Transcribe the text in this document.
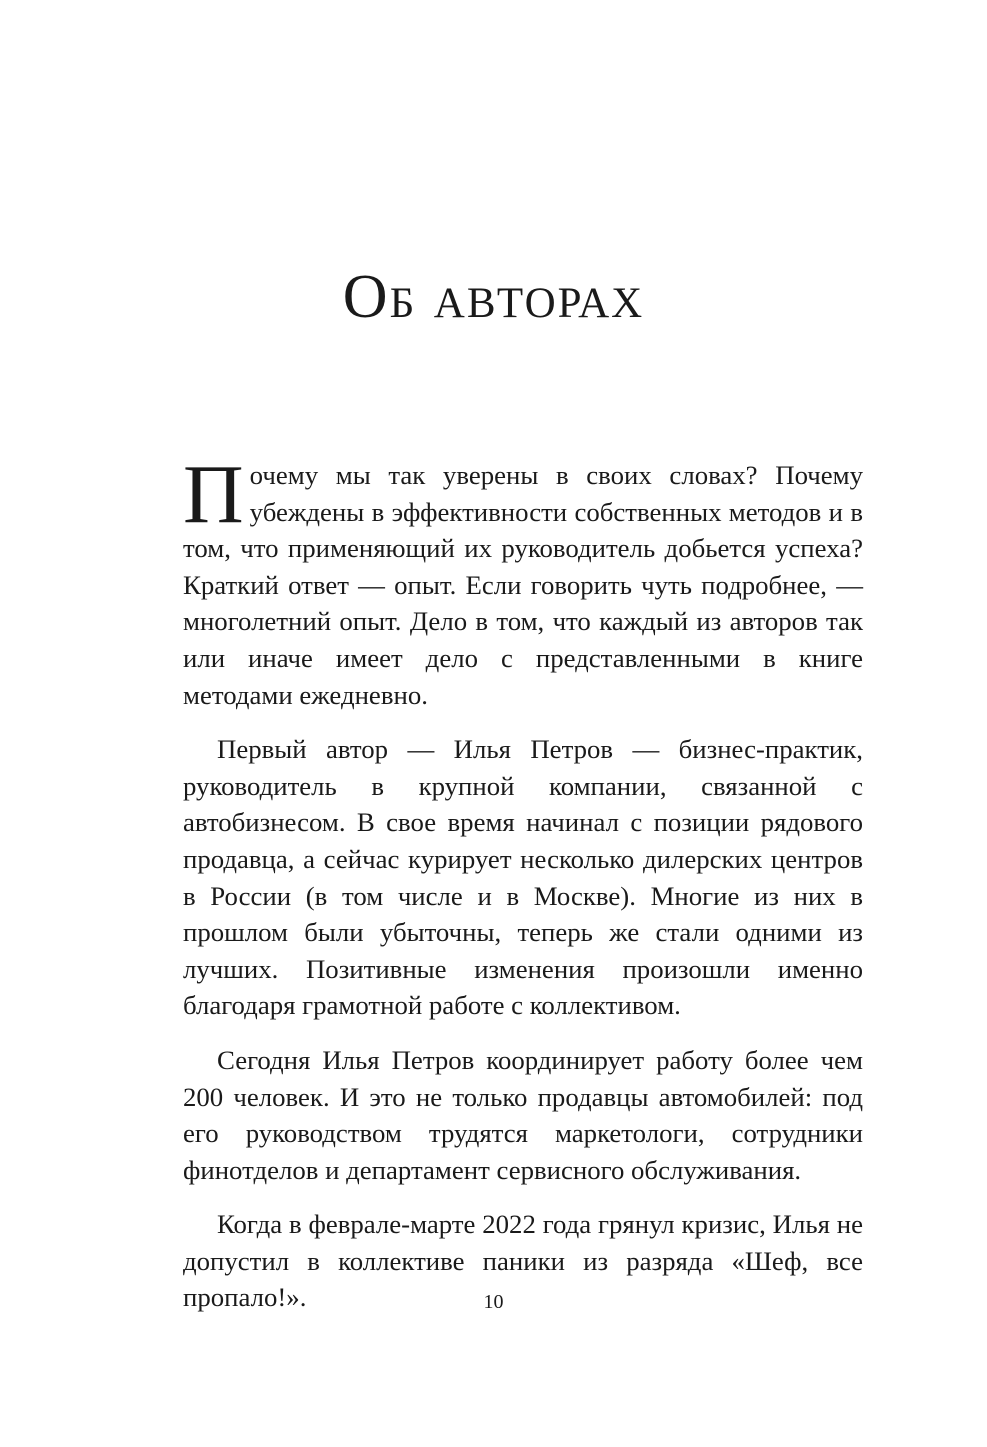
Об авторах

Почему мы так уверены в своих словах? Почему убеждены в эффективности собственных методов и в том, что применяющий их руководитель добьется успеха? Краткий ответ — опыт. Если говорить чуть подробнее, — многолетний опыт. Дело в том, что каждый из авторов так или иначе имеет дело с представленными в книге методами ежедневно.

Первый автор — Илья Петров — бизнес-практик, руководитель в крупной компании, связанной с автобизнесом. В свое время начинал с позиции рядового продавца, а сейчас курирует несколько дилерских центров в России (в том числе и в Москве). Многие из них в прошлом были убыточны, теперь же стали одними из лучших. Позитивные изменения произошли именно благодаря грамотной работе с коллективом.

Сегодня Илья Петров координирует работу более чем 200 человек. И это не только продавцы автомобилей: под его руководством трудятся маркетологи, сотрудники финотделов и департамент сервисного обслуживания.

Когда в феврале-марте 2022 года грянул кризис, Илья не допустил в коллективе паники из разряда «Шеф, все пропало!».	10
